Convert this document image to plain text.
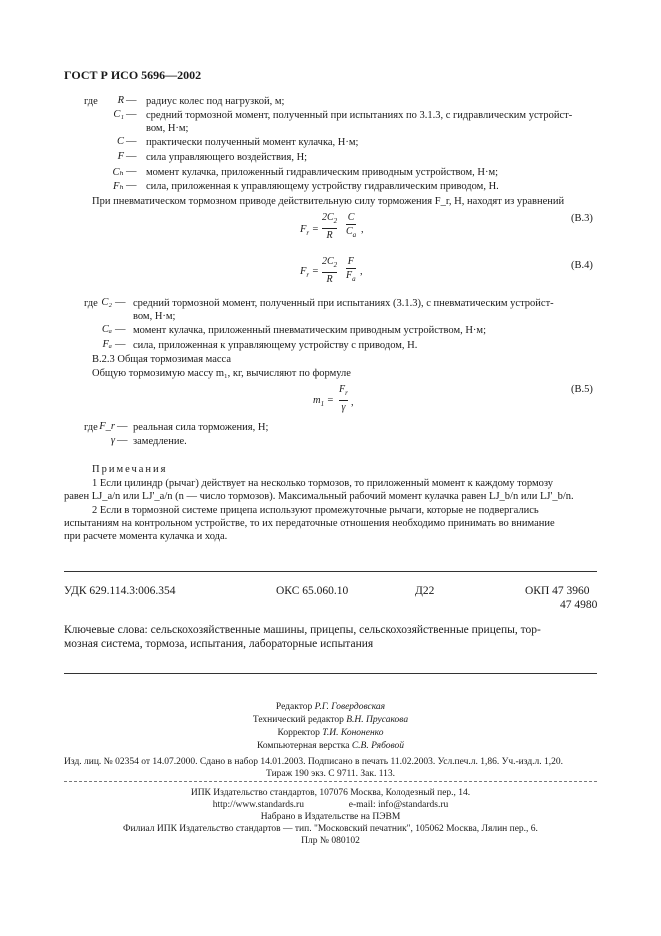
ГОСТ Р ИСО 5696—2002
где	R — радиус колес под нагрузкой, м;
C₁ — средний тормозной момент, полученный при испытаниях по 3.1.3, с гидравлическим устройст-
вом, Н·м;
C — практически полученный момент кулачка, Н·м;
F — сила управляющего воздействия, Н;
Cₕ — момент кулачка, приложенный гидравлическим приводным устройством, Н·м;
Fₕ — сила, приложенная к управляющему устройству гидравлическим приводом, Н.
При пневматическом тормозном приводе действительную силу торможения F_r, Н, находят из уравнений
$F_r$ =
$2C_2$
R
C
$C_a$ ,
(B.3)
$F_r$ =
$2C_2$
R
F
$F_a$
,
(B.4)
где C₂ — средний тормозной момент, полученный при испытаниях (3.1.3), с пневматическим устройст-
вом, Н·м;
Cₐ — момент кулачка, приложенный пневматическим приводным устройством, Н·м;
Fₐ — сила, приложенная к управляющему устройству с приводом, Н.
В.2.3 Общая тормозимая масса
Общую тормозимую массу m₁, кг, вычисляют по формуле
$m_1$ =
$F_r$
γ ,
(B.5)
где F_r — реальная сила торможения, Н;
γ — замедление.
Примечания
1 Если цилиндр (рычаг) действует на несколько тормозов, то приложенный момент к каждому тормозу
равен LJ_a/n или LJ'_a/n (n — число тормозов). Максимальный рабочий момент кулачка равен LJ_b/n или LJ'_b/n.
2 Если в тормозной системе прицепа используют промежуточные рычаги, которые не подвергались
испытаниям на контрольном устройстве, то их передаточные отношения необходимо принимать во внимание
при расчете момента кулачка и хода.
УДК 629.114.3:006.354	ОКС 65.060.10	Д22	ОКП 47 3960
47 4980
Ключевые слова: сельскохозяйственные машины, прицепы, сельскохозяйственные прицепы, тор-
мозная система, тормоза, испытания, лабораторные испытания
Редактор Р.Г. Говердовская
Технический редактор В.Н. Прусакова
Корректор Т.И. Кононенко
Компьютерная верстка С.В. Рябовой
Изд. лиц. № 02354 от 14.07.2000. Сдано в набор 14.01.2003. Подписано в печать 11.02.2003. Усл.печ.л. 1,86. Уч.-изд.л. 1,20.
Тираж 190 экз. С 9711. Зак. 113.
ИПК Издательство стандартов, 107076 Москва, Колодезный пер., 14.
http://www.standards.ru	e-mail: info@standards.ru
Набрано в Издательстве на ПЭВМ
Филиал ИПК Издательство стандартов — тип. "Московский печатник", 105062 Москва, Лялин пер., 6.
Плр № 080102
